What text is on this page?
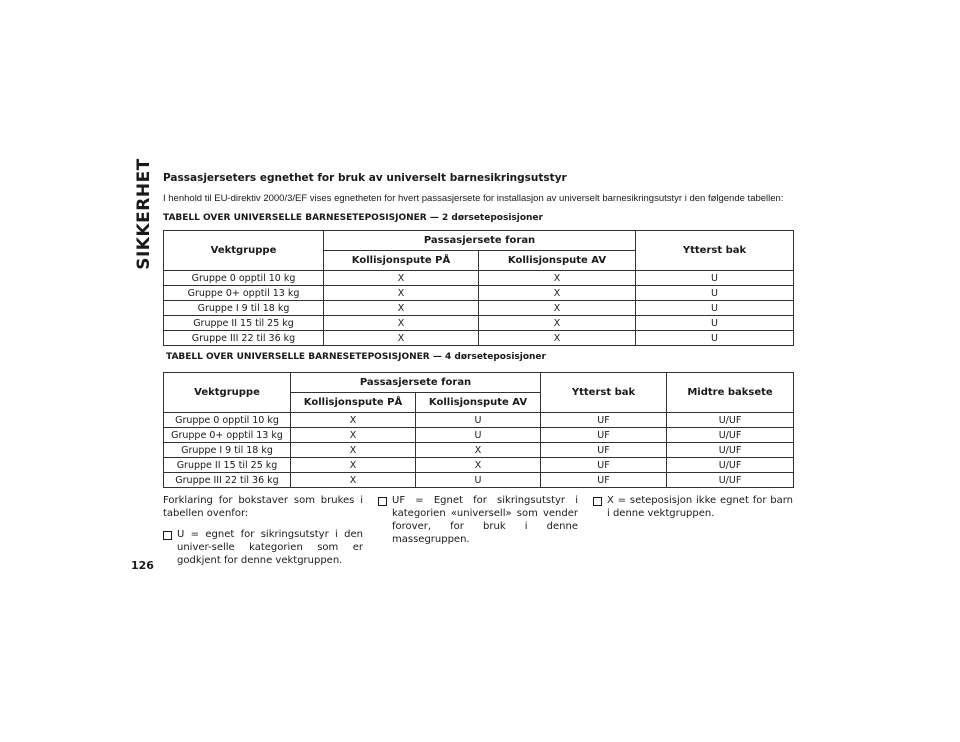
SIKKERHET
126
Passasjerseters egnethet for bruk av universelt barnesikringsutstyr
I henhold til EU-direktiv 2000/3/EF vises egnetheten for hvert passasjersete for installasjon av universelt barnesikringsutstyr i den følgende tabellen:
TABELL OVER UNIVERSELLE BARNESETEPOSISJONER — 2 dørseteposisjoner
Vektgruppe	Passasjersete foran		Ytterst bak
	Kollisjonspute PÅ	Kollisjonspute AV	
Gruppe 0 opptil 10 kg	X	X	U
Gruppe 0+ opptil 13 kg	X	X	U
Gruppe I 9 til 18 kg	X	X	U
Gruppe II 15 til 25 kg	X	X	U
Gruppe III 22 til 36 kg	X	X	U
TABELL OVER UNIVERSELLE BARNESETEPOSISJONER — 4 dørseteposisjoner
Vektgruppe	Passasjersete foran		Ytterst bak	Midtre baksete
	Kollisjonspute PÅ	Kollisjonspute AV		
Gruppe 0 opptil 10 kg	X	U	UF	U/UF
Gruppe 0+ opptil 13 kg	X	U	UF	U/UF
Gruppe I 9 til 18 kg	X	X	UF	U/UF
Gruppe II 15 til 25 kg	X	X	UF	U/UF
Gruppe III 22 til 36 kg	X	U	UF	U/UF

Forklaring for bokstaver som brukes i tabellen ovenfor:

U = egnet for sikringsutstyr i den univer-selle kategorien som er godkjent for denne vektgruppen.
UF = Egnet for sikringsutstyr i kategorien «universell» som vender forover, for bruk i denne massegruppen.
X = seteposisjon ikke egnet for barn i denne vektgruppen.
